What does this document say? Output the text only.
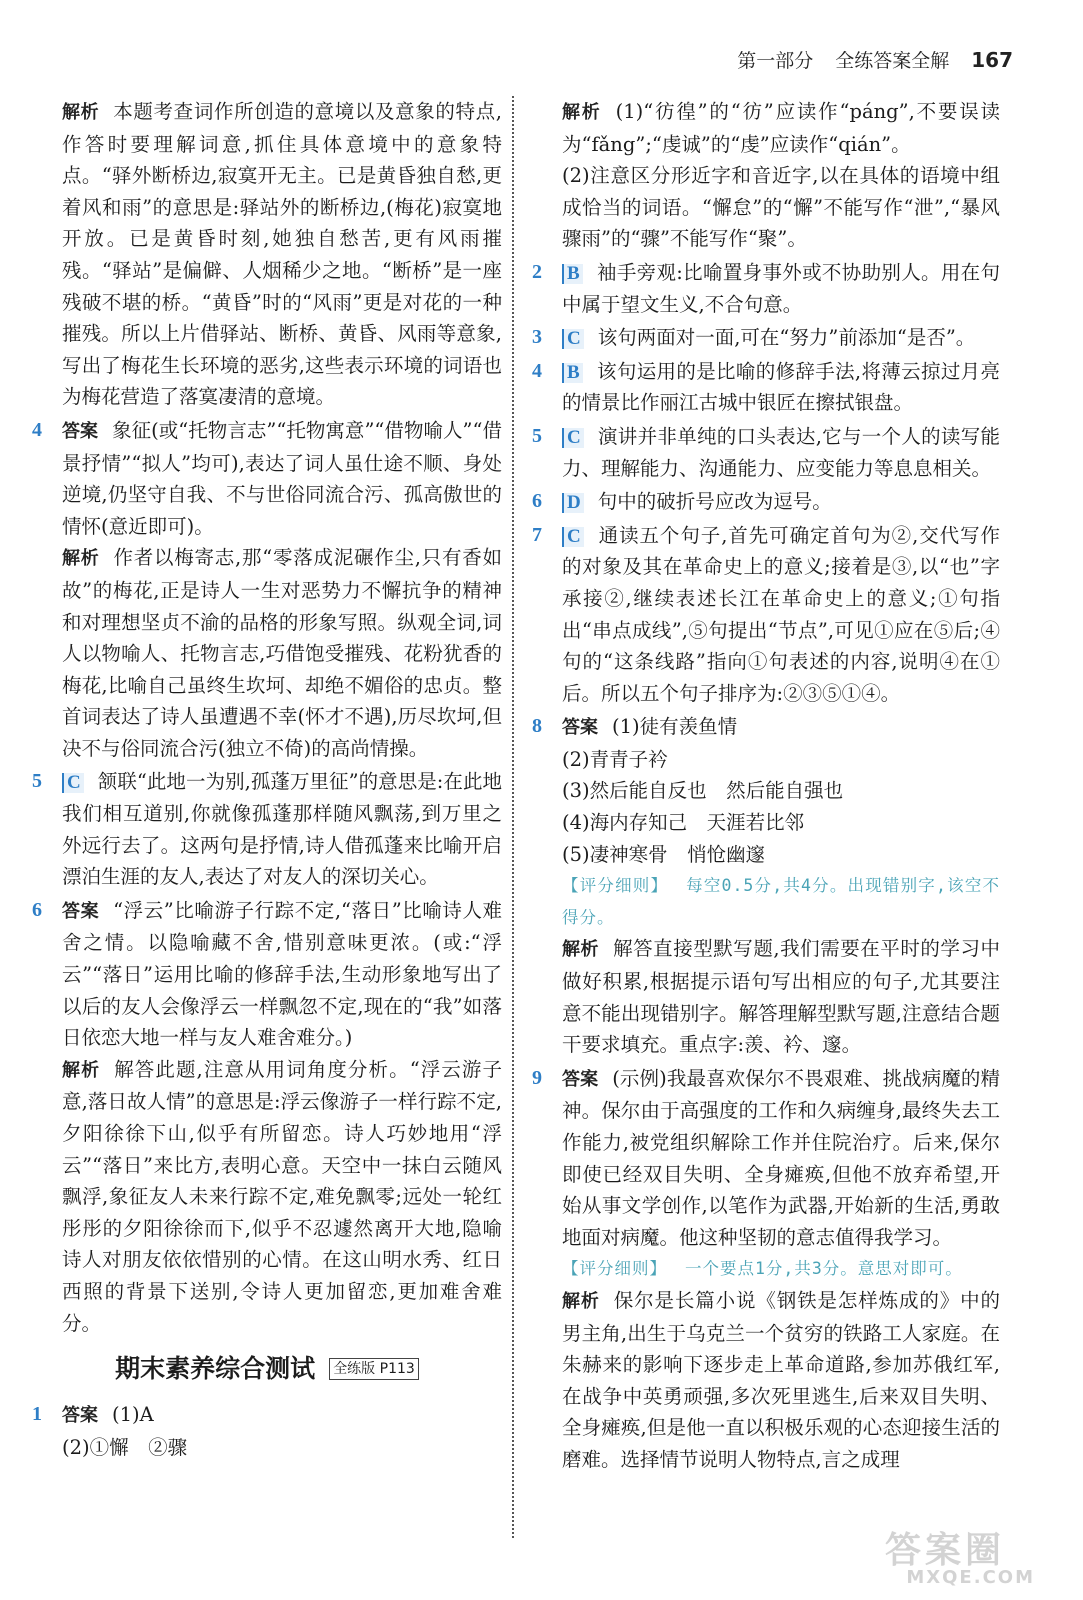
第一部分 全练答案全解 167

解析 本题考查词作所创造的意境以及意象的特点,作答时要理解词意,抓住具体意境中的意象特点。“驿外断桥边,寂寞开无主。已是黄昏独自愁,更着风和雨”的意思是:驿站外的断桥边,(梅花)寂寞地开放。已是黄昏时刻,她独自愁苦,更有风雨摧残。“驿站”是偏僻、人烟稀少之地。“断桥”是一座残破不堪的桥。“黄昏”时的“风雨”更是对花的一种摧残。所以上片借驿站、断桥、黄昏、风雨等意象,写出了梅花生长环境的恶劣,这些表示环境的词语也为梅花营造了落寞凄清的意境。

4	答案 象征(或“托物言志”“托物寓意”“借物喻人”“借景抒情”“拟人”均可),表达了词人虽仕途不顺、身处逆境,仍坚守自我、不与世俗同流合污、孤高傲世的情怀(意近即可)。

解析 作者以梅寄志,那“零落成泥碾作尘,只有香如故”的梅花,正是诗人一生对恶势力不懈抗争的精神和对理想坚贞不渝的品格的形象写照。纵观全词,词人以物喻人、托物言志,巧借饱受摧残、花粉犹香的梅花,比喻自己虽终生坎坷、却绝不媚俗的忠贞。整首词表达了诗人虽遭遇不幸(怀才不遇),历尽坎坷,但决不与俗同流合污(独立不倚)的高尚情操。

5	C 颔联“此地一为别,孤蓬万里征”的意思是:在此地我们相互道别,你就像孤蓬那样随风飘荡,到万里之外远行去了。这两句是抒情,诗人借孤蓬来比喻开启漂泊生涯的友人,表达了对友人的深切关心。

6	答案 “浮云”比喻游子行踪不定,“落日”比喻诗人难舍之情。以隐喻藏不舍,惜别意味更浓。(或:“浮云”“落日”运用比喻的修辞手法,生动形象地写出了以后的友人会像浮云一样飘忽不定,现在的“我”如落日依恋大地一样与友人难舍难分。)

解析 解答此题,注意从用词角度分析。“浮云游子意,落日故人情”的意思是:浮云像游子一样行踪不定,夕阳徐徐下山,似乎有所留恋。诗人巧妙地用“浮云”“落日”来比方,表明心意。天空中一抹白云随风飘浮,象征友人未来行踪不定,难免飘零;远处一轮红彤彤的夕阳徐徐而下,似乎不忍遽然离开大地,隐喻诗人对朋友依依惜别的心情。在这山明水秀、红日西照的背景下送别,令诗人更加留恋,更加难舍难分。

期末素养综合测试 全练版 P113
1	答案 (1)A

(2)①懈　②骤

解析 (1)“彷徨”的“彷”应读作“páng”,不要误读为“fǎng”;“虔诚”的“虔”应读作“qián”。

(2)注意区分形近字和音近字,以在具体的语境中组成恰当的词语。“懈怠”的“懈”不能写作“泄”,“暴风骤雨”的“骤”不能写作“聚”。

2	B 袖手旁观:比喻置身事外或不协助别人。用在句中属于望文生义,不合句意。

3	C 该句两面对一面,可在“努力”前添加“是否”。

4	B 该句运用的是比喻的修辞手法,将薄云掠过月亮的情景比作丽江古城中银匠在擦拭银盘。

5	C 演讲并非单纯的口头表达,它与一个人的读写能力、理解能力、沟通能力、应变能力等息息相关。

6	D 句中的破折号应改为逗号。

7	C 通读五个句子,首先可确定首句为②,交代写作的对象及其在革命史上的意义;接着是③,以“也”字承接②,继续表述长江在革命史上的意义;①句指出“串点成线”,⑤句提出“节点”,可见①应在⑤后;④句的“这条线路”指向①句表述的内容,说明④在①后。所以五个句子排序为:②③⑤①④。

8	答案 (1)徒有羡鱼情

(2)青青子衿

(3)然后能自反也　然后能自强也

(4)海内存知己　天涯若比邻

(5)凄神寒骨　悄怆幽邃

【评分细则】 每空0.5分,共4分。出现错别字,该空不得分。

解析 解答直接型默写题,我们需要在平时的学习中做好积累,根据提示语句写出相应的句子,尤其要注意不能出现错别字。解答理解型默写题,注意结合题干要求填充。重点字:羡、衿、邃。

9	答案 (示例)我最喜欢保尔不畏艰难、挑战病魔的精神。保尔由于高强度的工作和久病缠身,最终失去工作能力,被党组织解除工作并住院治疗。后来,保尔即使已经双目失明、全身瘫痪,但他不放弃希望,开始从事文学创作,以笔作为武器,开始新的生活,勇敢地面对病魔。他这种坚韧的意志值得我学习。

【评分细则】 一个要点1分,共3分。意思对即可。

解析 保尔是长篇小说《钢铁是怎样炼成的》中的男主角,出生于乌克兰一个贫穷的铁路工人家庭。在朱赫来的影响下逐步走上革命道路,参加苏俄红军,在战争中英勇顽强,多次死里逃生,后来双目失明、全身瘫痪,但是他一直以积极乐观的心态迎接生活的磨难。选择情节说明人物特点,言之成理

答案圈
MXQE.COM
